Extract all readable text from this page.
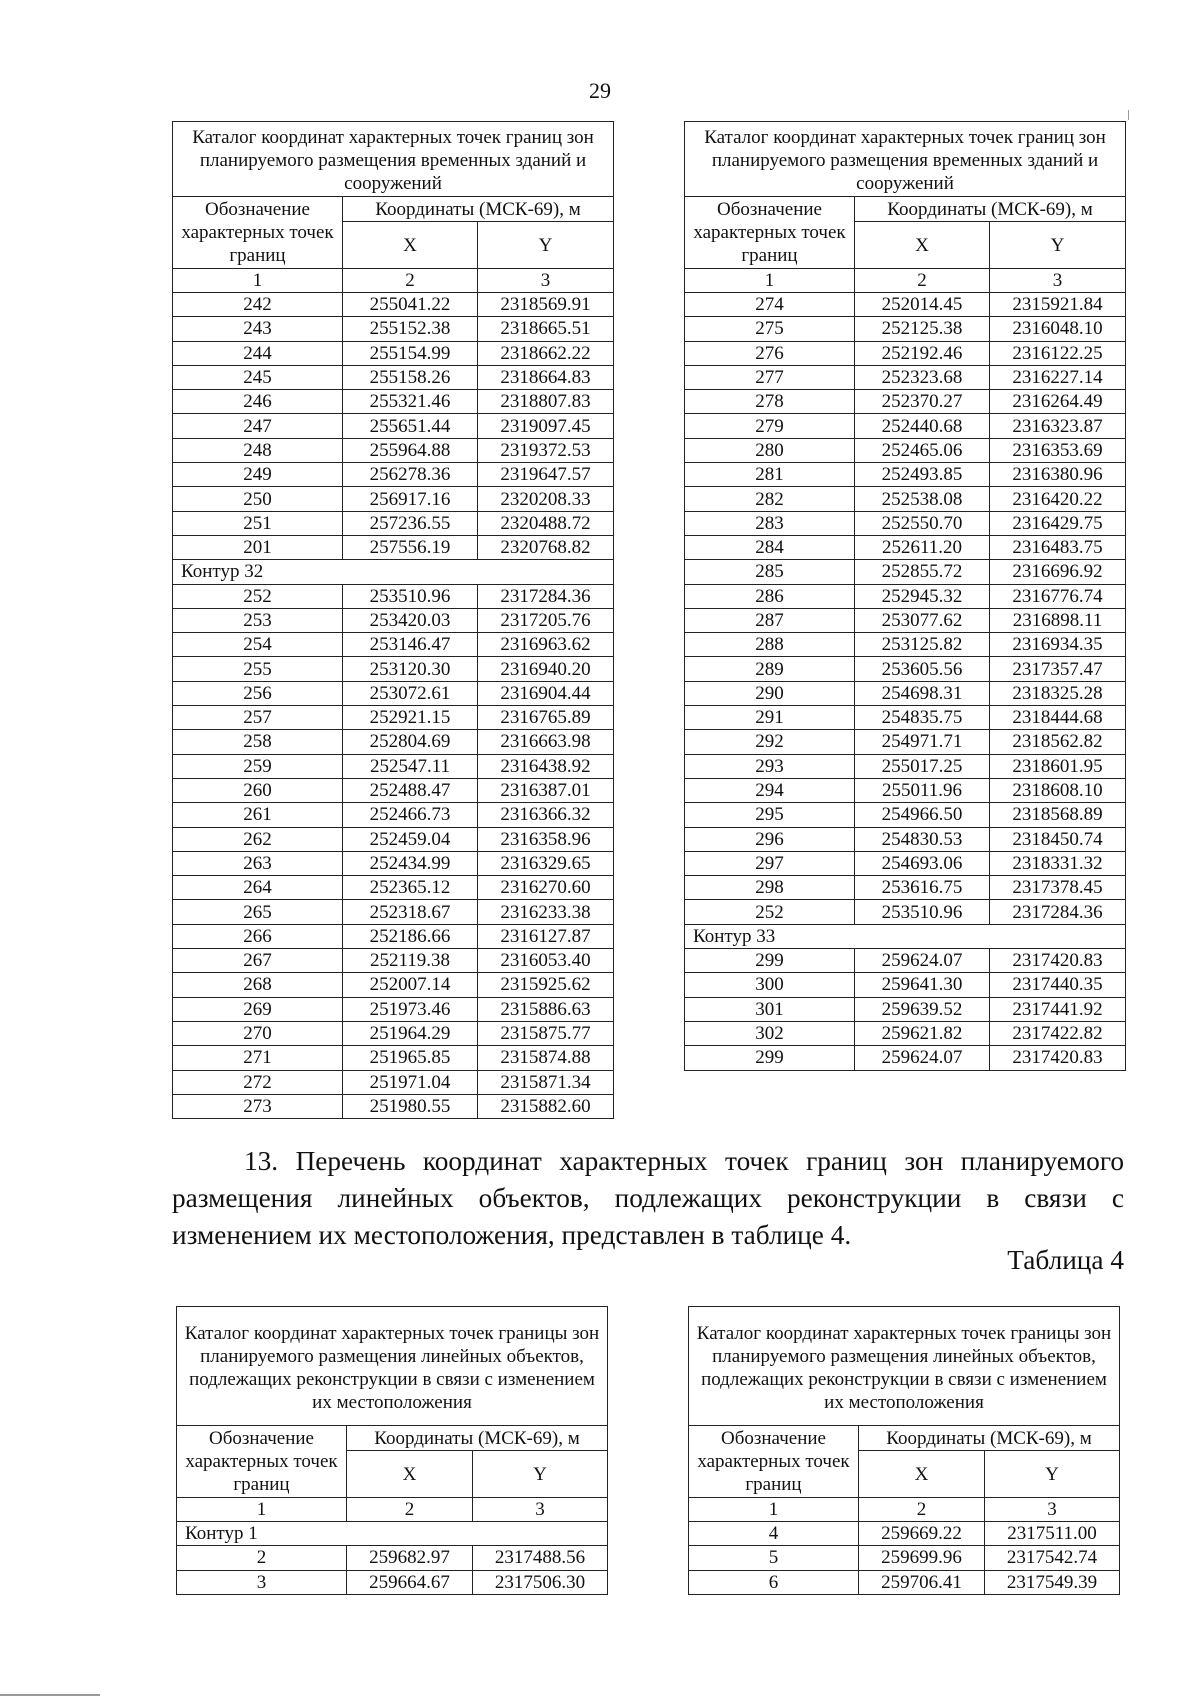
29
Каталог координат характерных точек границ зон планируемого размещения временных зданий и сооружений		
Обозначение характерных точек границ	Координаты (МСК-69), м	
	X	Y
1	2	3
242	255041.22	2318569.91
243	255152.38	2318665.51
244	255154.99	2318662.22
245	255158.26	2318664.83
246	255321.46	2318807.83
247	255651.44	2319097.45
248	255964.88	2319372.53
249	256278.36	2319647.57
250	256917.16	2320208.33
251	257236.55	2320488.72
201	257556.19	2320768.82
Контур 32		
252	253510.96	2317284.36
253	253420.03	2317205.76
254	253146.47	2316963.62
255	253120.30	2316940.20
256	253072.61	2316904.44
257	252921.15	2316765.89
258	252804.69	2316663.98
259	252547.11	2316438.92
260	252488.47	2316387.01
261	252466.73	2316366.32
262	252459.04	2316358.96
263	252434.99	2316329.65
264	252365.12	2316270.60
265	252318.67	2316233.38
266	252186.66	2316127.87
267	252119.38	2316053.40
268	252007.14	2315925.62
269	251973.46	2315886.63
270	251964.29	2315875.77
271	251965.85	2315874.88
272	251971.04	2315871.34
273	251980.55	2315882.60
Каталог координат характерных точек границ зон планируемого размещения временных зданий и сооружений		
Обозначение характерных точек границ	Координаты (МСК-69), м	
	X	Y
1	2	3
274	252014.45	2315921.84
275	252125.38	2316048.10
276	252192.46	2316122.25
277	252323.68	2316227.14
278	252370.27	2316264.49
279	252440.68	2316323.87
280	252465.06	2316353.69
281	252493.85	2316380.96
282	252538.08	2316420.22
283	252550.70	2316429.75
284	252611.20	2316483.75
285	252855.72	2316696.92
286	252945.32	2316776.74
287	253077.62	2316898.11
288	253125.82	2316934.35
289	253605.56	2317357.47
290	254698.31	2318325.28
291	254835.75	2318444.68
292	254971.71	2318562.82
293	255017.25	2318601.95
294	255011.96	2318608.10
295	254966.50	2318568.89
296	254830.53	2318450.74
297	254693.06	2318331.32
298	253616.75	2317378.45
252	253510.96	2317284.36
Контур 33		
299	259624.07	2317420.83
300	259641.30	2317440.35
301	259639.52	2317441.92
302	259621.82	2317422.82
299	259624.07	2317420.83

13. Перечень координат характерных точек границ зон планируемого размещения линейных объектов, подлежащих реконструкции в связи с изменением их местоположения, представлен в таблице 4.

Таблица 4
Каталог координат характерных точек границы зон планируемого размещения линейных объектов, подлежащих реконструкции в связи с изменением их местоположения		
Обозначение характерных точек границ	Координаты (МСК-69), м	
	X	Y
1	2	3
Контур 1		
2	259682.97	2317488.56
3	259664.67	2317506.30
Каталог координат характерных точек границы зон планируемого размещения линейных объектов, подлежащих реконструкции в связи с изменением их местоположения		
Обозначение характерных точек границ	Координаты (МСК-69), м	
	X	Y
1	2	3
4	259669.22	2317511.00
5	259699.96	2317542.74
6	259706.41	2317549.39
